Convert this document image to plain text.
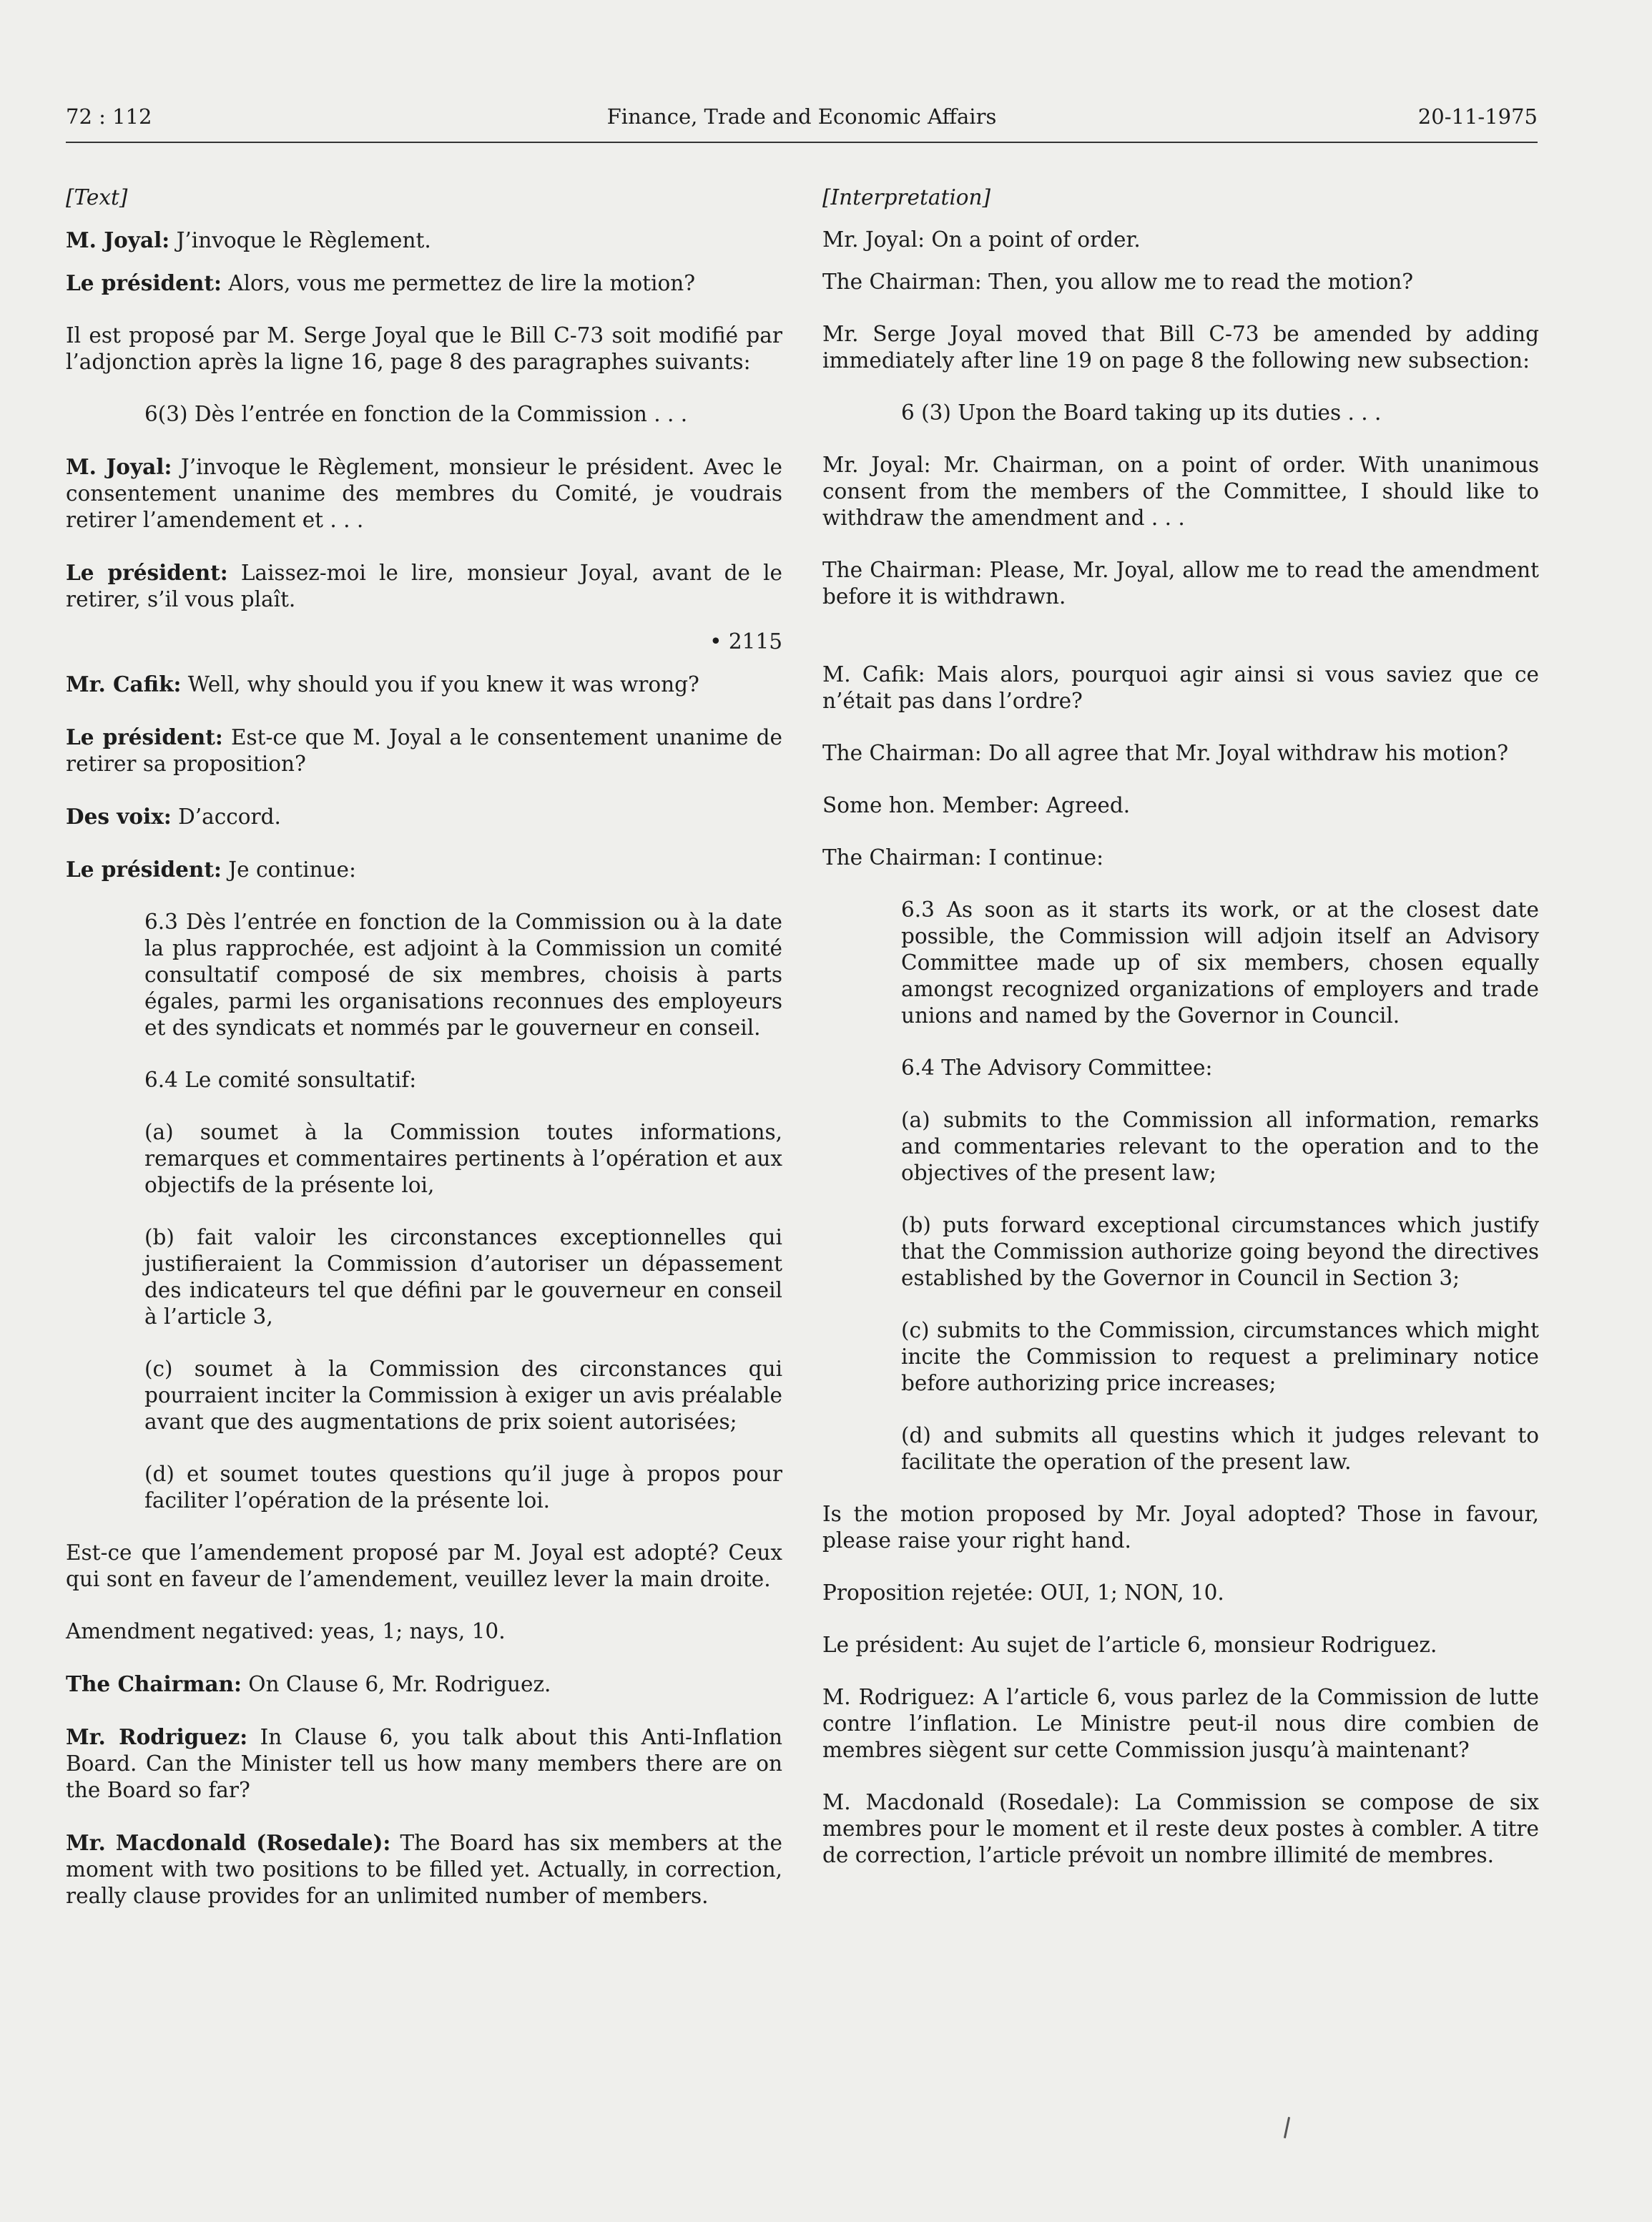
72 : 112	Finance, Trade and Economic Affairs	20-11-1975

[Text]

M. Joyal: J’invoque le Règlement.

Le président: Alors, vous me permettez de lire la motion?

Il est proposé par M. Serge Joyal que le Bill C-73 soit modifié par l’adjonction après la ligne 16, page 8 des paragraphes suivants:

6(3) Dès l’entrée en fonction de la Commission . . .

M. Joyal: J’invoque le Règlement, monsieur le président. Avec le consentement unanime des membres du Comité, je voudrais retirer l’amendement et . . .

Le président: Laissez-moi le lire, monsieur Joyal, avant de le retirer, s’il vous plaît.

• 2115

Mr. Cafik: Well, why should you if you knew it was wrong?

Le président: Est-ce que M. Joyal a le consentement unanime de retirer sa proposition?

Des voix: D’accord.

Le président: Je continue:

6.3 Dès l’entrée en fonction de la Commission ou à la date la plus rapprochée, est adjoint à la Commission un comité consultatif composé de six membres, choisis à parts égales, parmi les organisations reconnues des employeurs et des syndicats et nommés par le gouverneur en conseil.

6.4 Le comité sonsultatif:

(a) soumet à la Commission toutes informations, remarques et commentaires pertinents à l’opération et aux objectifs de la présente loi,

(b) fait valoir les circonstances exceptionnelles qui justifieraient la Commission d’autoriser un dépassement des indicateurs tel que défini par le gouverneur en conseil à l’article 3,

(c) soumet à la Commission des circonstances qui pourraient inciter la Commission à exiger un avis préalable avant que des augmentations de prix soient autorisées;

(d) et soumet toutes questions qu’il juge à propos pour faciliter l’opération de la présente loi.

Est-ce que l’amendement proposé par M. Joyal est adopté? Ceux qui sont en faveur de l’amendement, veuillez lever la main droite.

Amendment negatived: yeas, 1; nays, 10.

The Chairman: On Clause 6, Mr. Rodriguez.

Mr. Rodriguez: In Clause 6, you talk about this Anti-Inflation Board. Can the Minister tell us how many members there are on the Board so far?

Mr. Macdonald (Rosedale): The Board has six members at the moment with two positions to be filled yet. Actually, in correction, really clause provides for an unlimited number of members.

[Interpretation]

Mr. Joyal: On a point of order.

The Chairman: Then, you allow me to read the motion?

Mr. Serge Joyal moved that Bill C-73 be amended by adding immediately after line 19 on page 8 the following new subsection:

6 (3) Upon the Board taking up its duties . . .

Mr. Joyal: Mr. Chairman, on a point of order. With unanimous consent from the members of the Committee, I should like to withdraw the amendment and . . .

The Chairman: Please, Mr. Joyal, allow me to read the amendment before it is withdrawn.

M. Cafik: Mais alors, pourquoi agir ainsi si vous saviez que ce n’était pas dans l’ordre?

The Chairman: Do all agree that Mr. Joyal withdraw his motion?

Some hon. Member: Agreed.

The Chairman: I continue:

6.3 As soon as it starts its work, or at the closest date possible, the Commission will adjoin itself an Advisory Committee made up of six members, chosen equally amongst recognized organizations of employers and trade unions and named by the Governor in Council.

6.4 The Advisory Committee:

(a) submits to the Commission all information, remarks and commentaries relevant to the operation and to the objectives of the present law;

(b) puts forward exceptional circumstances which justify that the Commission authorize going beyond the directives established by the Governor in Council in Section 3;

(c) submits to the Commission, circumstances which might incite the Commission to request a preliminary notice before authorizing price increases;

(d) and submits all questins which it judges relevant to facilitate the operation of the present law.

Is the motion proposed by Mr. Joyal adopted? Those in favour, please raise your right hand.

Proposition rejetée: OUI, 1; NON, 10.

Le président: Au sujet de l’article 6, monsieur Rodriguez.

M. Rodriguez: A l’article 6, vous parlez de la Commission de lutte contre l’inflation. Le Ministre peut-il nous dire combien de membres siègent sur cette Commission jusqu’à maintenant?

M. Macdonald (Rosedale): La Commission se compose de six membres pour le moment et il reste deux postes à combler. A titre de correction, l’article prévoit un nombre illimité de membres.
